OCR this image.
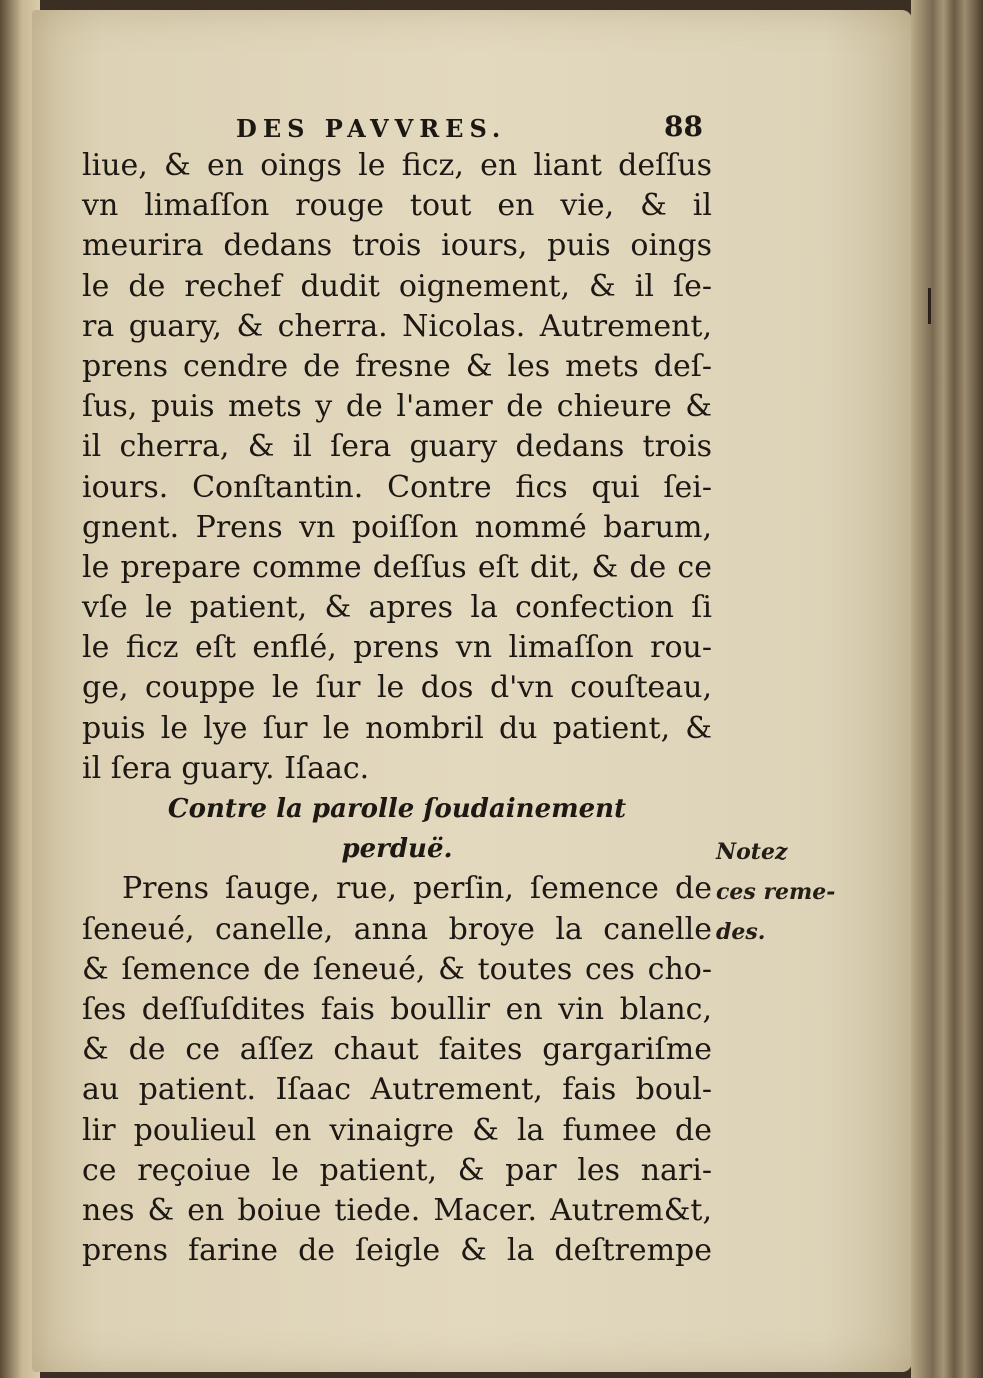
DES PAVVRES.	88
liue, & en oings le ficz, en liant deſſus
vn limaſſon rouge tout en vie, & il
meurira dedans trois iours, puis oings
le de rechef dudit oignement, & il ſe-
ra guary, & cherra. Nicolas. Autrement,
prens cendre de fresne & les mets deſ-
ſus, puis mets y de l'amer de chieure &
il cherra, & il ſera guary dedans trois
iours. Conſtantin. Contre fics qui ſei-
gnent. Prens vn poiſſon nommé barum,
le prepare comme deſſus eſt dit, & de ce
vſe le patient, & apres la confection ſi
le ficz eſt enflé, prens vn limaſſon rou-
ge, couppe le ſur le dos d'vn couſteau,
puis le lye ſur le nombril du patient, &
il ſera guary. Iſaac.
Contre la parolle ſoudainement
perduë.
Prens ſauge, rue, perſin, ſemence de
ſeneué, canelle, anna broye la canelle
& ſemence de ſeneué, & toutes ces cho-
ſes deſſuſdites fais boullir en vin blanc,
& de ce aſſez chaut faites gargariſme
au patient. Iſaac Autrement, fais boul-
lir poulieul en vinaigre & la fumee de
ce reçoiue le patient, & par les nari-
nes & en boiue tiede. Macer. Autrem&t,
prens farine de ſeigle & la deſtrempe
Notez
ces reme-
des.
